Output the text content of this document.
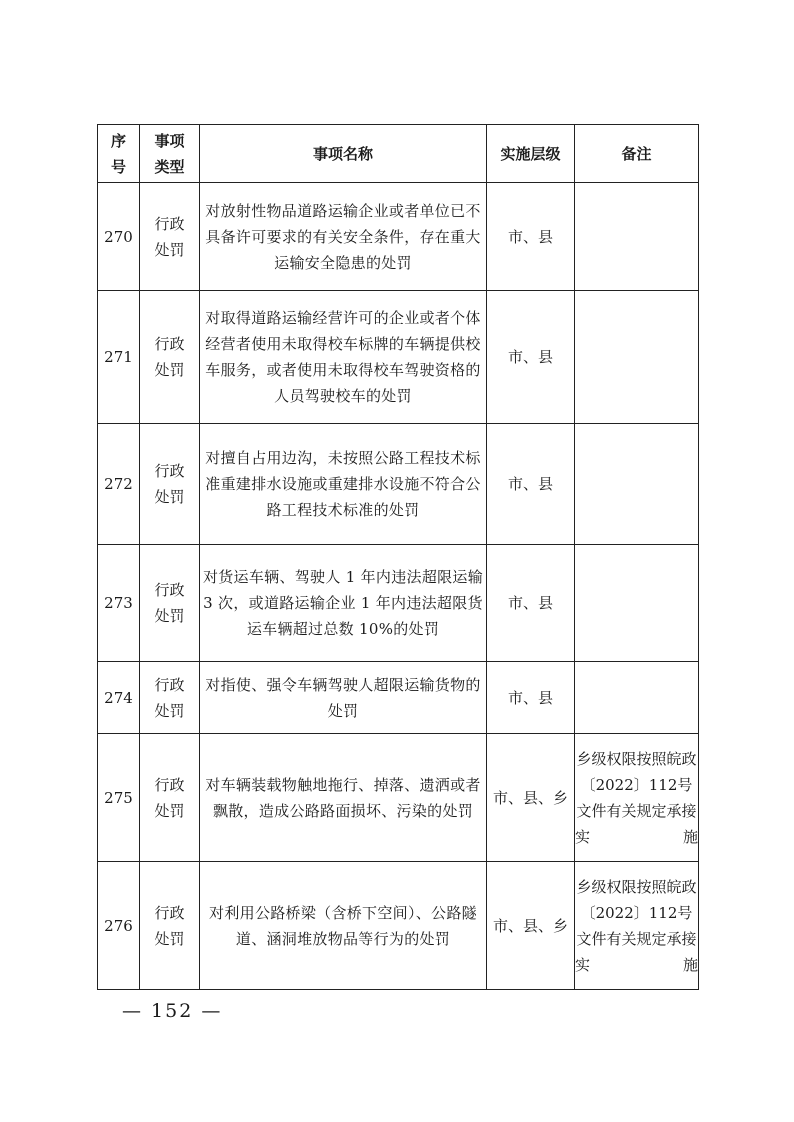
序号	事项类型	事项名称	实施层级	备注
270	行政处罚	对放射性物品道路运输企业或者单位已不具备许可要求的有关安全条件，存在重大运输安全隐患的处罚	市、县	
271	行政处罚	对取得道路运输经营许可的企业或者个体经营者使用未取得校车标牌的车辆提供校车服务，或者使用未取得校车驾驶资格的人员驾驶校车的处罚	市、县	
272	行政处罚	对擅自占用边沟，未按照公路工程技术标准重建排水设施或重建排水设施不符合公路工程技术标准的处罚	市、县	
273	行政处罚	对货运车辆、驾驶人 1 年内违法超限运输 3 次，或道路运输企业 1 年内违法超限货运车辆超过总数 10%的处罚	市、县	
274	行政处罚	对指使、强令车辆驾驶人超限运输货物的处罚	市、县	
275	行政处罚	对车辆装载物触地拖行、掉落、遗洒或者飘散，造成公路路面损坏、污染的处罚	市、县、乡	乡级权限按照皖政〔2022〕112号文件有关规定承接实施
276	行政处罚	对利用公路桥梁（含桥下空间）、公路隧道、涵洞堆放物品等行为的处罚	市、县、乡	乡级权限按照皖政〔2022〕112号文件有关规定承接实施
— 152 —
